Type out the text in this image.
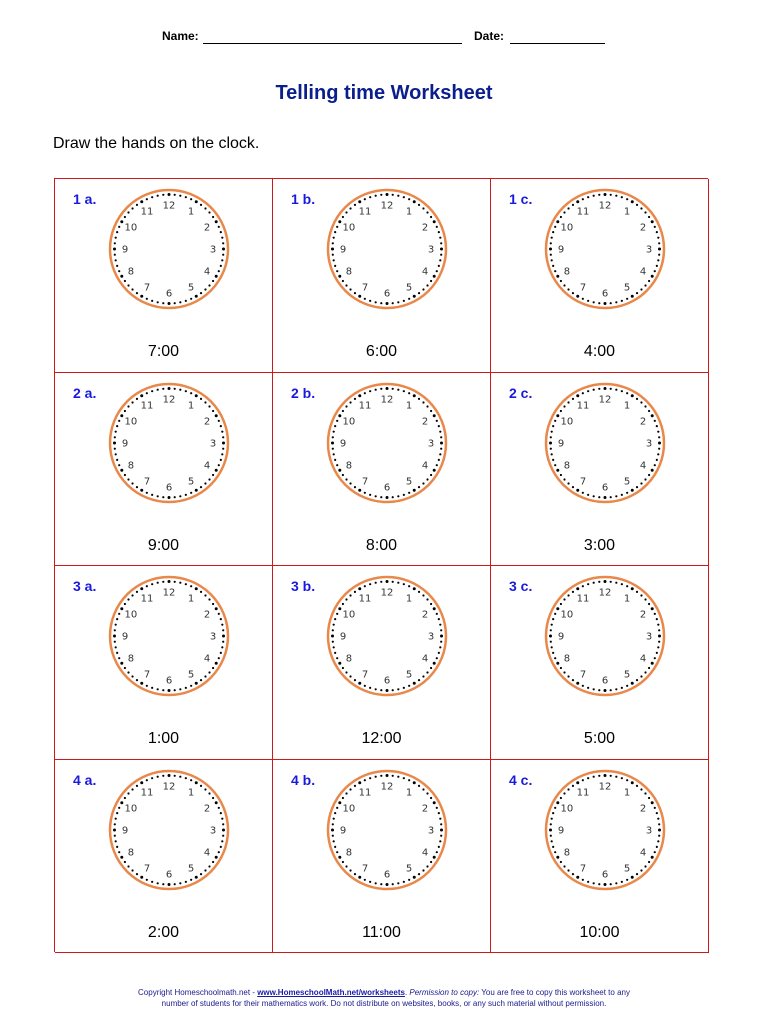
Name:	Date:
Telling time Worksheet
Draw the hands on the clock.
1 a.	12
1
2
3
4
5
6
7
8
9
10
11
7:00
1 b.	12
1
2
3
4
5
6
7
8
9
10
11
6:00
1 c.	12
1
2
3
4
5
6
7
8
9
10
11
4:00
2 a.	12
1
2
3
4
5
6
7
8
9
10
11
9:00
2 b.	12
1
2
3
4
5
6
7
8
9
10
11
8:00
2 c.	12
1
2
3
4
5
6
7
8
9
10
11
3:00
3 a.	12
1
2
3
4
5
6
7
8
9
10
11
1:00
3 b.	12
1
2
3
4
5
6
7
8
9
10
11
12:00
3 c.	12
1
2
3
4
5
6
7
8
9
10
11
5:00
4 a.	12
1
2
3
4
5
6
7
8
9
10
11
2:00
4 b.	12
1
2
3
4
5
6
7
8
9
10
11
11:00
4 c.	12
1
2
3
4
5
6
7
8
9
10
11
10:00
Copyright Homeschoolmath.net - www.HomeschoolMath.net/worksheets. Permission to copy: You are free to copy this worksheet to any
number of students for their mathematics work. Do not distribute on websites, books, or any such material without permission.
